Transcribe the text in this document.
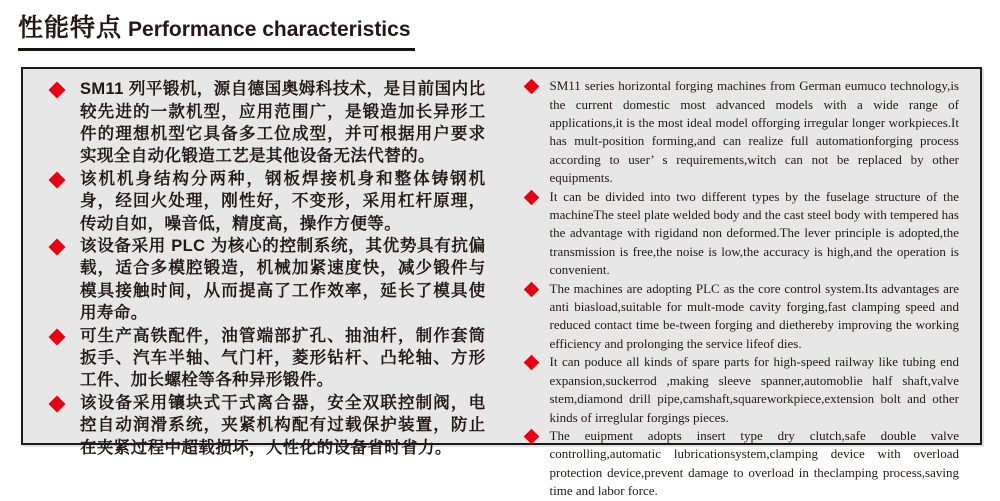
性能特点 Performance characteristics

SM11 列平锻机，源自德国奥姆科技术，是目前国内比较先进的一款机型，应用范围广，是锻造加长异形工件的理想机型它具备多工位成型，并可根据用户要求实现全自动化锻造工艺是其他设备无法代替的。

该机机身结构分两种，钢板焊接机身和整体铸钢机身，经回火处理，刚性好，不变形，采用杠杆原理，传动自如，噪音低，精度高，操作方便等。

该设备采用 PLC 为核心的控制系统，其优势具有抗偏载，适合多模腔锻造，机械加紧速度快，减少锻件与模具接触时间，从而提高了工作效率，延长了模具使用寿命。

可生产高铁配件，油管端部扩孔、抽油杆，制作套筒扳手、汽车半轴、气门杆，菱形钻杆、凸轮轴、方形工件、加长螺栓等各种异形锻件。

该设备采用镶块式干式离合器，安全双联控制阀，电控自动润滑系统，夹紧机构配有过载保护装置，防止在夹紧过程中超载损坏，人性化的设备省时省力。

SM11 series horizontal forging machines from German eumuco technology,is the current domestic most advanced models with a wide range of applications,it is the most ideal model offorging irregular longer workpieces.It has mult-position forming,and can realize full automationforging process according to user’ s requirements,witch can not be replaced by other equipments.

It can be divided into two different types by the fuselage structure of the machineThe steel plate welded body and the cast steel body with tempered has the advantage with rigidand non deformed.The lever principle is adopted,the transmission is free,the noise is low,the accuracy is high,and the operation is convenient.

The machines are adopting PLC as the core control system.Its advantages are anti biasload,suitable for mult-mode cavity forging,fast clamping speed and reduced contact time be-tween forging and diethereby improving the working efficiency and prolonging the service lifeof dies.

It can poduce all kinds of spare parts for high-speed railway like tubing end expansion,suckerrod ,making sleeve spanner,automoblie half shaft,valve stem,diamond drill pipe,camshaft,squareworkpiece,extension bolt and other kinds of irreglular forgings pieces.

The euipment adopts insert type dry clutch,safe double valve controlling,automatic lubricationsystem,clamping device with overload protection device,prevent damage to overload in theclamping process,saving time and labor force.
